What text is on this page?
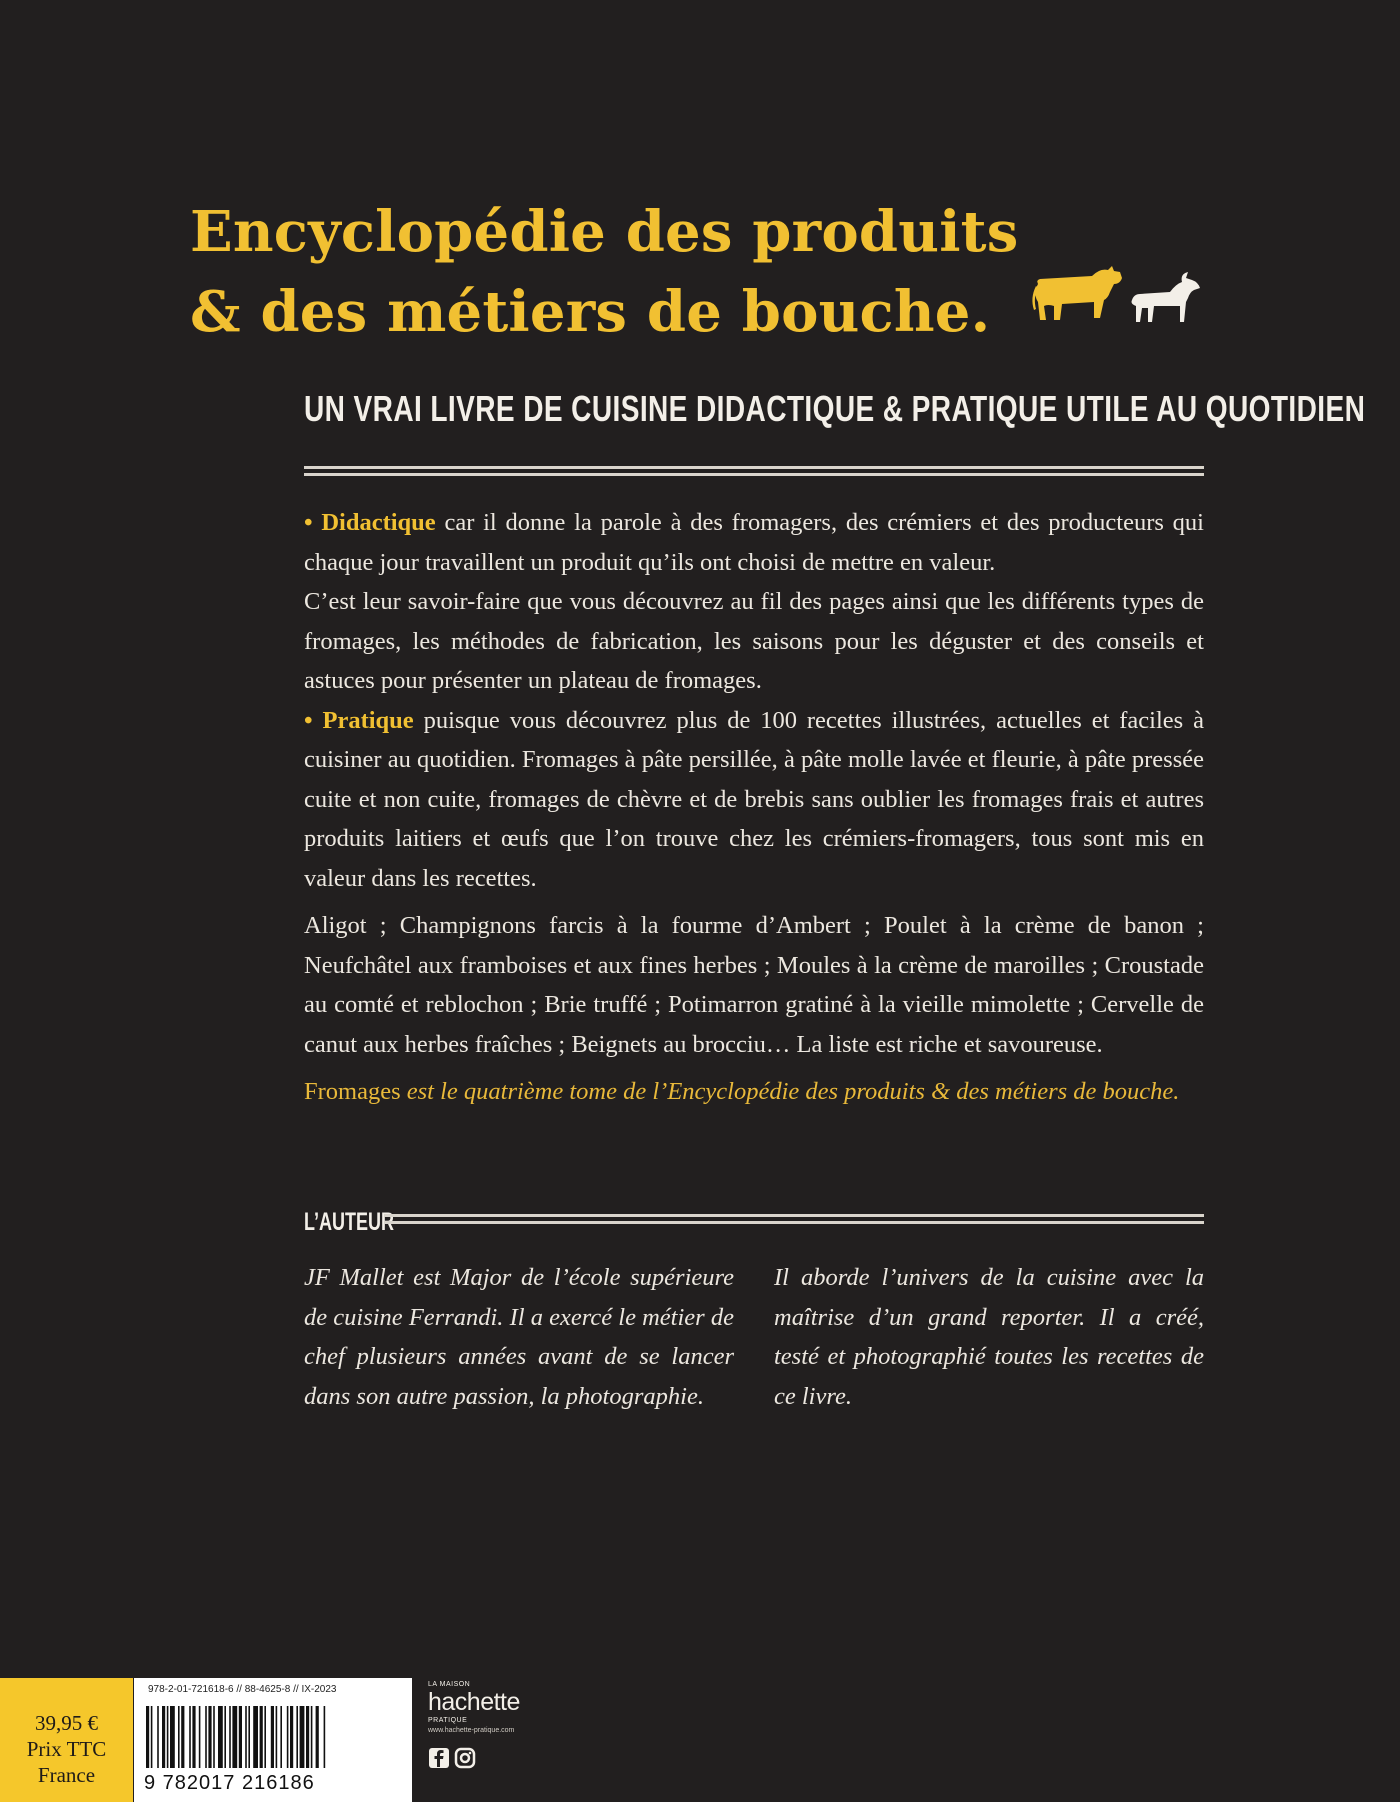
Encyclopédie des produits
& des métiers de bouche.
UN VRAI LIVRE DE CUISINE DIDACTIQUE & PRATIQUE UTILE AU QUOTIDIEN

• Didactique car il donne la parole à des fromagers, des crémiers et des producteurs qui chaque jour travaillent un produit qu’ils ont choisi de mettre en valeur.

C’est leur savoir-faire que vous découvrez au fil des pages ainsi que les différents types de fromages, les méthodes de fabrication, les saisons pour les déguster et des conseils et astuces pour présenter un plateau de fromages.

• Pratique puisque vous découvrez plus de 100 recettes illustrées, actuelles et faciles à cuisiner au quotidien. Fromages à pâte persillée, à pâte molle lavée et fleurie, à pâte pressée cuite et non cuite, fromages de chèvre et de brebis sans oublier les fromages frais et autres produits laitiers et œufs que l’on trouve chez les crémiers-fromagers, tous sont mis en valeur dans les recettes.

Aligot ; Champignons farcis à la fourme d’Ambert ; Poulet à la crème de banon ; Neufchâtel aux framboises et aux fines herbes ; Moules à la crème de maroilles ; Croustade au comté et reblochon ; Brie truffé ; Potimarron gratiné à la vieille mimolette ; Cervelle de canut aux herbes fraîches ; Beignets au brocciu… La liste est riche et savoureuse.

Fromages est le quatrième tome de l’Encyclopédie des produits & des métiers de bouche.

L’AUTEUR

JF Mallet est Major de l’école supérieure de cuisine Ferrandi. Il a exercé le métier de chef plusieurs années avant de se lancer dans son autre passion, la photographie.

Il aborde l’univers de la cuisine avec la maîtrise d’un grand reporter. Il a créé, testé et photographié toutes les recettes de ce livre.

39,95 €
Prix TTC
France
978-2-01-721618-6 // 88-4625-8 // IX-2023
9 782017 216186
LA MAISON
hachette
PRATIQUE
www.hachette-pratique.com
